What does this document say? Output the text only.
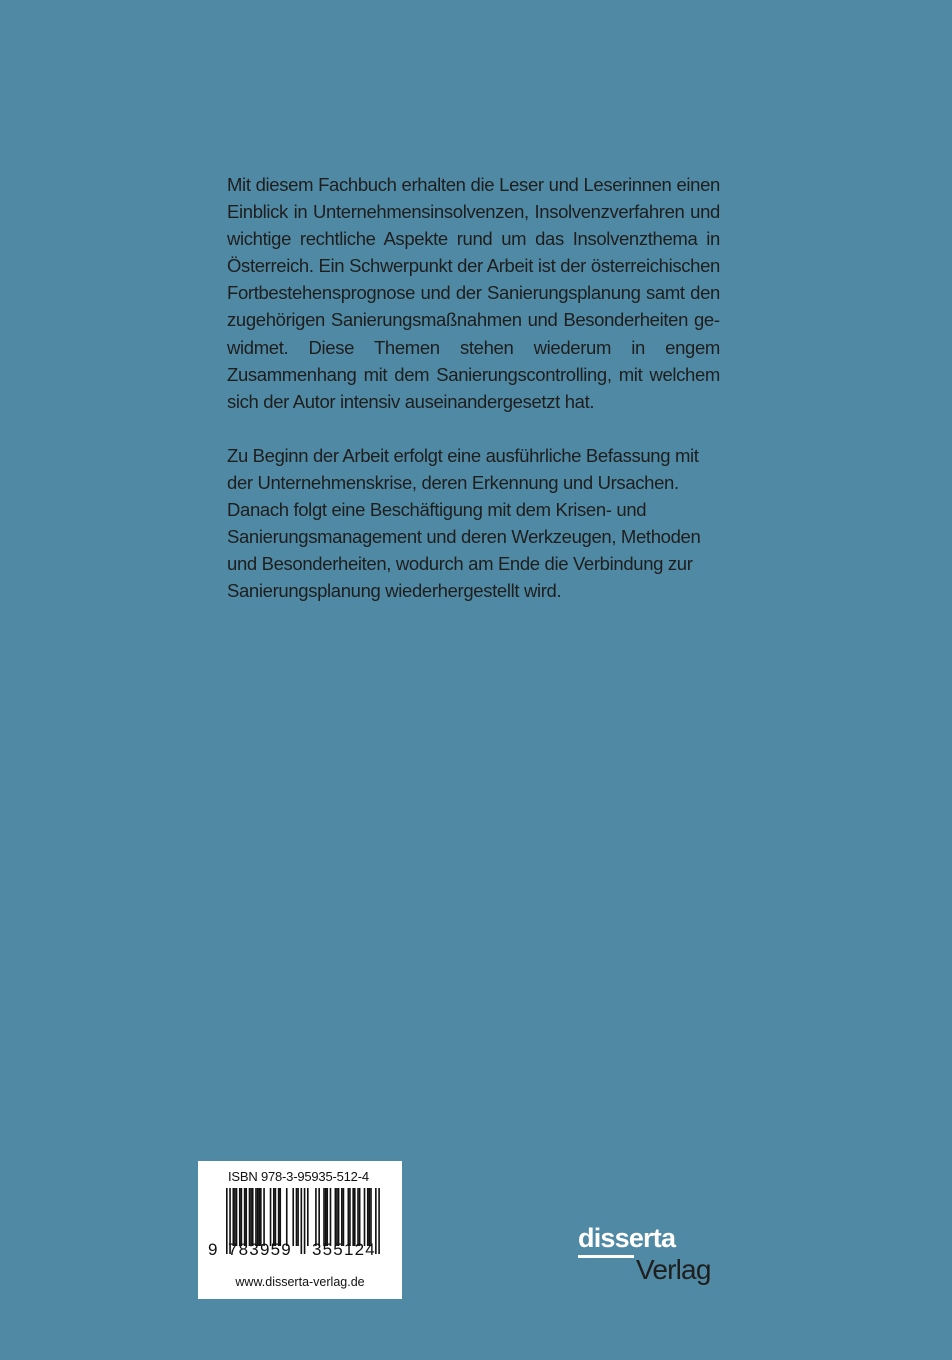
Mit diesem Fachbuch erhalten die Leser und Leserinnen einen Einblick in Unternehmensinsolvenzen, Insolvenzverfahren und wichtige rechtliche Aspekte rund um das Insolvenzthema in Österreich. Ein Schwerpunkt der Arbeit ist der österreichischen Fortbestehensprognose und der Sanierungsplanung samt den zugehörigen Sanierungsmaßnahmen und Besonderheiten gewidmet. Diese Themen stehen wiederum in engem Zusammenhang mit dem Sanierungscontrolling, mit welchem sich der Autor intensiv auseinandergesetzt hat.

Zu Beginn der Arbeit erfolgt eine ausführliche Befassung mit der Unternehmenskrise, deren Erkennung und Ursachen. Danach folgt eine Beschäftigung mit dem Krisen- und Sanierungsmanagement und deren Werkzeugen, Methoden und Besonderheiten, wodurch am Ende die Verbindung zur Sanierungsplanung wiederhergestellt wird.

ISBN 978-3-95935-512-4
9 783959 355124
www.disserta-verlag.de
disserta
Verlag
